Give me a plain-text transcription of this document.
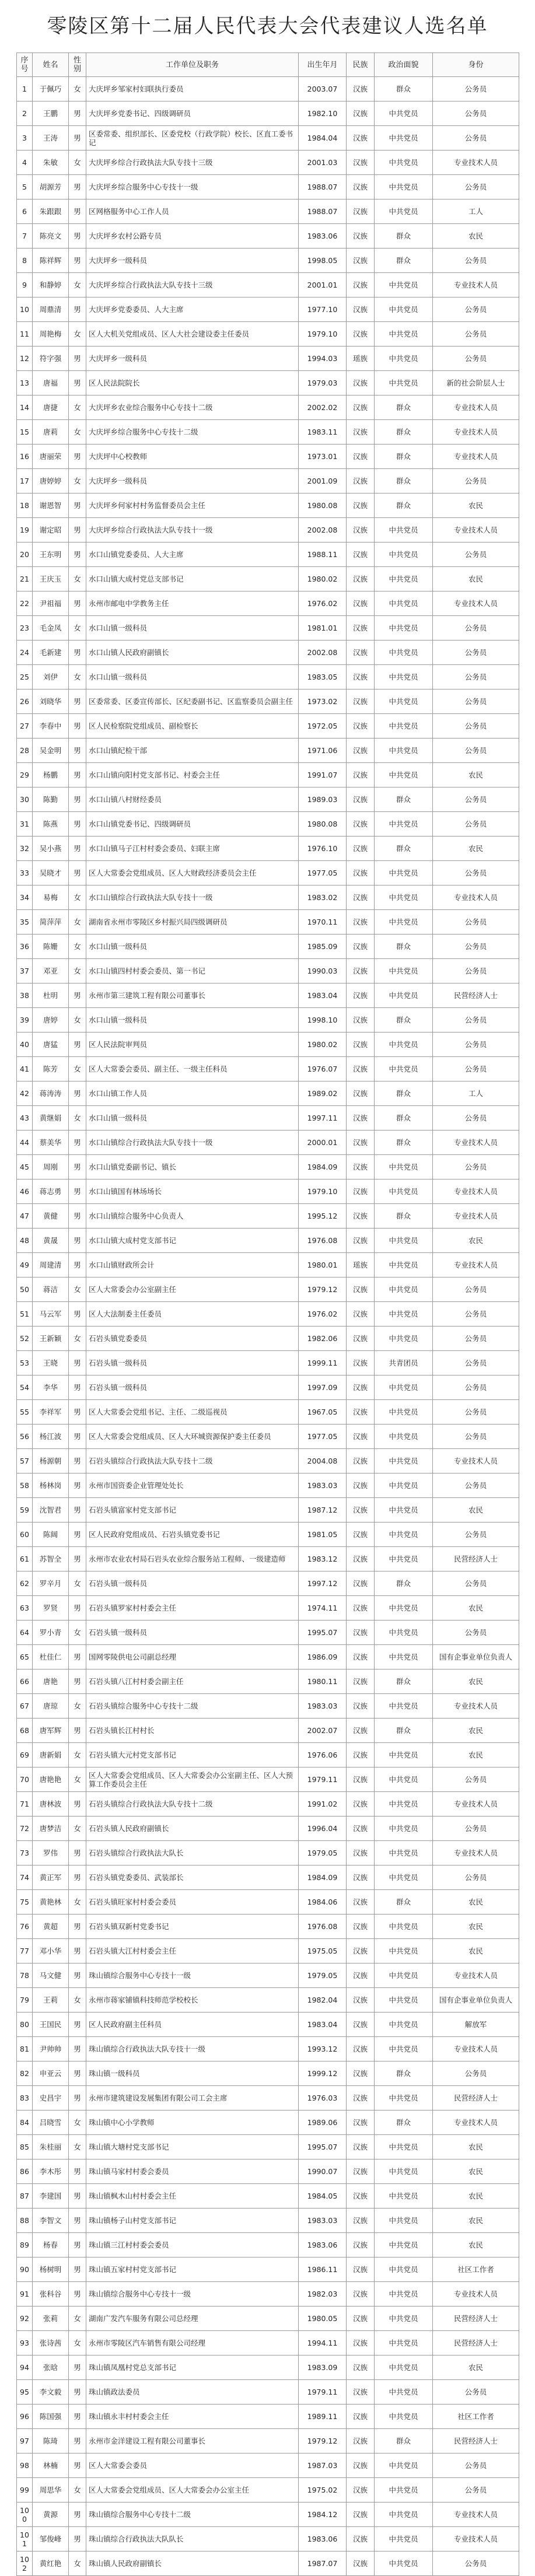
零陵区第十二届人民代表大会代表建议人选名单
序号	姓名	性别	工作单位及职务	出生年月	民族	政治面貌	身份
1	于佩巧	女	大庆坪乡邹家村妇联执行委员	2003.07	汉族	群众	公务员
2	王鹏	男	大庆坪乡党委书记、四级调研员	1982.10	汉族	中共党员	公务员
3	王涛	男	区委常委、组织部长、区委党校（行政学院）校长、区直工委书记	1984.04	汉族	中共党员	公务员
4	朱敏	女	大庆坪乡综合行政执法大队专技十三级	2001.03	汉族	中共党员	专业技术人员
5	胡源芳	男	大庆坪乡综合服务中心专技十一级	1988.07	汉族	中共党员	公务员
6	朱跟跟	男	区网格服务中心工作人员	1988.07	汉族	中共党员	工人
7	陈亮文	男	大庆坪乡农村公路专员	1983.06	汉族	群众	农民
8	陈祥辉	男	大庆坪乡一级科员	1998.05	汉族	群众	公务员
9	和静婷	女	大庆坪乡综合行政执法大队专技十三级	2001.01	汉族	中共党员	专业技术人员
10	周鼎清	男	大庆坪乡党委委员、人大主席	1977.10	汉族	中共党员	公务员
11	周艳梅	女	区人大机关党组成员、区人大社会建设委主任委员	1979.10	汉族	中共党员	公务员
12	符字强	男	大庆坪乡一级科员	1994.03	瑶族	中共党员	公务员
13	唐福	男	区人民法院院长	1979.03	汉族	中共党员	新的社会阶层人士
14	唐捷	女	大庆坪乡农业综合服务中心专技十二级	2002.02	汉族	群众	专业技术人员
15	唐莉	女	大庆坪乡综合服务中心专技十二级	1983.11	汉族	群众	专业技术人员
16	唐丽荣	男	大庆坪中心校教师	1973.01	汉族	群众	专业技术人员
17	唐婷婷	女	大庆坪乡一级科员	2001.09	汉族	群众	公务员
18	谢恩智	男	大庆坪乡何家村村务监督委员会主任	1980.08	汉族	群众	农民
19	谢定昭	男	大庆坪乡综合行政执法大队专技十一级	2002.08	汉族	中共党员	专业技术人员
20	王东明	男	水口山镇党委委员、人大主席	1988.11	汉族	中共党员	公务员
21	王庆玉	女	水口山镇大成村党总支部书记	1980.02	汉族	中共党员	农民
22	尹祖福	男	永州市邮电中学教务主任	1976.02	汉族	中共党员	专业技术人员
23	毛金凤	女	水口山镇一级科员	1981.01	汉族	中共党员	公务员
24	毛新建	男	水口山镇人民政府副镇长	2002.08	汉族	中共党员	公务员
25	刘伊	女	水口山镇一级科员	1983.05	汉族	中共党员	公务员
26	刘晓华	男	区委常委、区委宣传部长、区纪委副书记、区监察委员会副主任	1973.02	汉族	中共党员	公务员
27	李春中	男	区人民检察院党组成员、副检察长	1972.05	汉族	中共党员	公务员
28	吴金明	男	水口山镇纪检干部	1971.06	汉族	中共党员	公务员
29	杨鹏	男	水口山镇向阳村党支部书记、村委会主任	1991.07	汉族	中共党员	农民
30	陈勤	男	水口山镇八村财经委员	1989.03	汉族	群众	公务员
31	陈燕	男	水口山镇党委书记、四级调研员	1980.08	汉族	中共党员	公务员
32	吴小燕	男	水口山镇马子江村村委会委员、妇联主席	1976.10	汉族	群众	农民
33	吴晓才	男	区人大常委会党组成员、区人大财政经济委员会主任	1977.05	汉族	中共党员	公务员
34	易梅	女	水口山镇综合行政执法大队专技十一级	1983.02	汉族	中共党员	专业技术人员
35	简萍萍	女	湖南省永州市零陵区乡村振兴局四级调研员	1970.11	汉族	中共党员	公务员
36	陈姗	女	水口山镇一级科员	1985.09	汉族	群众	公务员
37	邓亚	女	水口山镇四村村委会委员、第一书记	1990.03	汉族	中共党员	公务员
38	杜明	男	永州市第三建筑工程有限公司董事长	1983.04	汉族	中共党员	民营经济人士
39	唐婷	女	水口山镇一级科员	1998.10	汉族	群众	公务员
40	唐猛	男	区人民法院审判员	1980.02	汉族	中共党员	公务员
41	陈芳	女	区人大常委会委员、副主任、一级主任科员	1976.07	汉族	中共党员	公务员
42	蒋涛涛	男	水口山镇工作人员	1989.02	汉族	群众	工人
43	黄继娟	女	水口山镇一级科员	1997.11	汉族	群众	公务员
44	蔡美华	男	水口山镇综合行政执法大队专技十一级	2000.01	汉族	群众	专业技术人员
45	周刚	男	水口山镇党委副书记、镇长	1984.09	汉族	中共党员	公务员
46	蒋志勇	男	水口山镇国有林场场长	1979.10	汉族	中共党员	专业技术人员
47	黄健	男	水口山镇综合服务中心负责人	1995.12	汉族	群众	专业技术人员
48	黄晟	男	水口山镇大成村党支部书记	1976.08	汉族	中共党员	农民
49	周建清	男	水口山镇财政所会计	1980.01	瑶族	中共党员	专业技术人员
50	蒋洁	女	区人大常委会办公室副主任	1979.12	汉族	中共党员	公务员
51	马云军	男	区人大法制委主任委员	1976.02	汉族	中共党员	公务员
52	王新颖	女	石岩头镇党委委员	1982.06	汉族	中共党员	公务员
53	王晓	男	石岩头镇一级科员	1999.11	汉族	共青团员	公务员
54	李华	男	石岩头镇一级科员	1997.09	汉族	中共党员	公务员
55	李祥军	男	区人大常委会党组书记、主任、二级巡视员	1967.05	汉族	中共党员	公务员
56	杨江波	男	区人大常委会党组成员、区人大环城资源保护委主任委员	1977.05	汉族	中共党员	公务员
57	杨源朝	男	石岩头镇综合行政执法大队专技十二级	2004.08	汉族	中共党员	专业技术人员
58	杨林岗	男	永州市国资委企业管理处处长	1983.03	汉族	中共党员	公务员
59	沈智君	男	石岩头镇富家村党支部书记	1987.12	汉族	中共党员	农民
60	陈阔	男	区人民政府党组成员、石岩头镇党委书记	1981.05	汉族	中共党员	公务员
61	苏智全	男	永州市农业农村局石岩头农业综合服务站工程师、一级建造师	1983.12	汉族	中共党员	民营经济人士
62	罗辛月	女	石岩头镇一级科员	1997.12	汉族	群众	公务员
63	罗贤	男	石岩头镇罗家村村委会主任	1974.11	汉族	中共党员	农民
64	罗小青	女	石岩头镇一级科员	1995.07	汉族	中共党员	公务员
65	杜佳仁	男	国网零陵供电公司副总经理	1986.09	汉族	中共党员	国有企事业单位负责人
66	唐艳	男	石岩头镇八江村村委会副主任	1980.11	汉族	群众	农民
67	唐琼	女	石岩头镇综合服务中心专技十二级	1983.03	汉族	中共党员	专业技术人员
68	唐军辉	男	石岩头镇长江村村长	2002.07	汉族	群众	农民
69	唐新娟	女	石岩头镇大元村党支部书记	1976.06	汉族	中共党员	农民
70	唐艳艳	女	区人大常委会党组成员、区人大常委会办公室副主任、区人大预算工作委员会主任	1979.11	汉族	中共党员	公务员
71	唐林波	男	石岩头镇综合行政执法大队专技十二级	1991.02	汉族	中共党员	专业技术人员
72	唐梦洁	女	石岩头镇人民政府副镇长	1996.04	汉族	中共党员	公务员
73	罗伟	男	石岩头镇综合行政执法大队长	1979.05	汉族	中共党员	专业技术人员
74	黄正军	男	石岩头镇党委委员、武装部长	1984.09	汉族	中共党员	公务员
75	黄艳林	女	石岩头镇旺家村村委会委员	1984.06	汉族	群众	农民
76	黄超	男	石岩头镇双新村党委书记	1976.08	汉族	中共党员	农民
77	邓小华	男	石岩头镇大江村村委会主任	1975.05	汉族	中共党员	农民
78	马文健	男	珠山镇综合服务中心专技十一级	1979.05	汉族	中共党员	专业技术人员
79	王莉	女	永州市蒋家铺镇科技师范学校校长	1982.04	汉族	中共党员	国有企事业单位负责人
80	王国民	男	区人民政府副主任科员	1983.04	汉族	中共党员	解放军
81	尹帅帅	男	珠山镇综合行政执法大队专技十一级	1993.12	汉族	中共党员	专业技术人员
82	申亚云	男	珠山镇一级科员	1999.12	汉族	群众	公务员
83	史昌宇	男	永州市建筑建设发展集团有限公司工会主席	1976.03	汉族	中共党员	民营经济人士
84	吕晓雪	女	珠山镇中心小学教师	1989.06	汉族	群众	专业技术人员
85	朱桂丽	女	珠山镇大塘村党支部书记	1995.07	汉族	中共党员	农民
86	李木彤	男	珠山镇马家村村委会委员	1990.07	汉族	中共党员	农民
87	李建国	男	珠山镇枫木山村村委会主任	1984.05	汉族	中共党员	农民
88	李智文	男	珠山镇杨子山村党支部书记	1983.03	汉族	中共党员	农民
89	杨春	男	珠山镇三江村村委会委员	1983.06	汉族	中共党员	农民
90	杨树明	男	珠山镇五家村村党支部书记	1986.11	汉族	中共党员	社区工作者
91	张科谷	男	珠山镇综合服务中心专技十一级	1982.03	汉族	中共党员	专业技术人员
92	张莉	女	湖南广发汽车服务有限公司总经理	1980.05	汉族	中共党员	民营经济人士
93	张诗茜	女	永州市零陵区汽车销售有限公司经理	1994.11	汉族	中共党员	民营经济人士
94	张晗	男	珠山镇凤凰村党总支部书记	1983.09	汉族	中共党员	农民
95	李文毅	男	珠山镇政法委员	1979.11	汉族	中共党员	公务员
96	陈国强	男	珠山镇永丰村村委会主任	1989.11	汉族	中共党员	社区工作者
97	陈琦	男	永州市金洋建设工程有限公司董事长	1979.12	汉族	群众	民营经济人士
98	林楠	男	区人大常委会委员	1987.03	汉族	中共党员	公务员
99	周思华	女	区人大常委会党组成员、区人大常委会办公室主任	1975.02	汉族	中共党员	公务员
100	黄源	男	珠山镇综合服务中心专技十二级	1984.12	汉族	中共党员	专业技术人员
101	邹俊峰	男	珠山镇综合行政执法大队队长	1983.06	汉族	中共党员	专业技术人员
102	黄红艳	女	珠山镇人民政府副镇长	1987.07	汉族	中共党员	公务员
